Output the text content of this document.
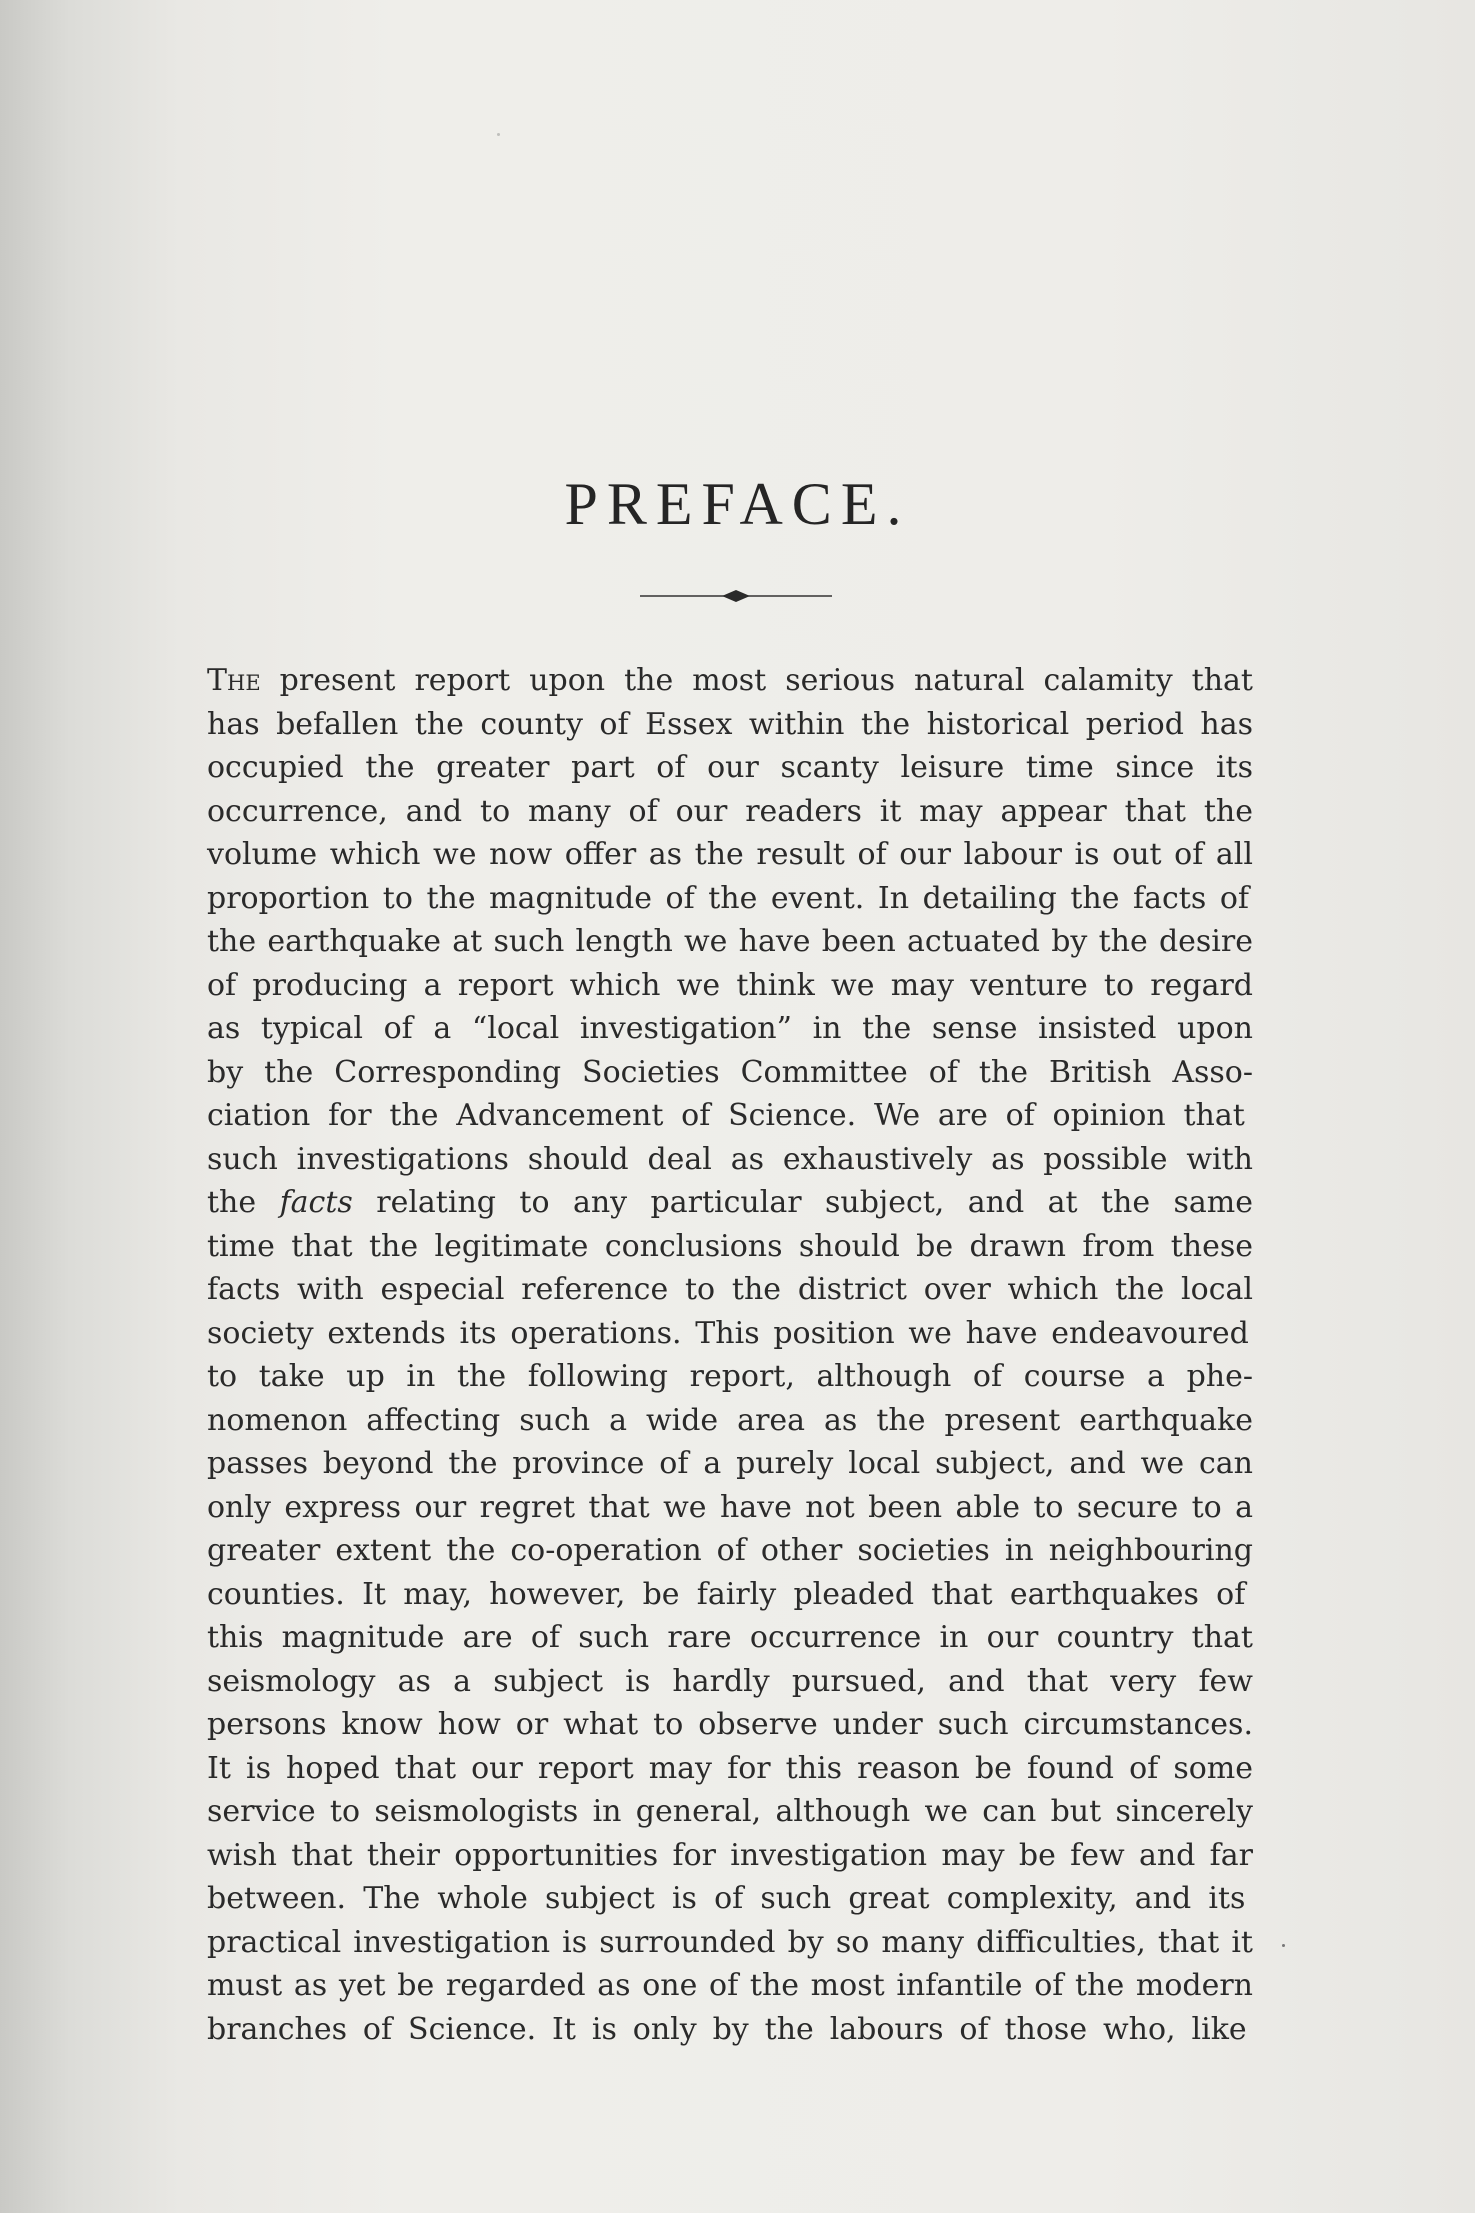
PREFACE.
The present report upon the most serious natural calamity that
has befallen the county of Essex within the historical period has
occupied the greater part of our scanty leisure time since its
occurrence, and to many of our readers it may appear that the
volume which we now offer as the result of our labour is out of all
proportion to the magnitude of the event. In detailing the facts of
the earthquake at such length we have been actuated by the desire
of producing a report which we think we may venture to regard
as typical of a “local investigation” in the sense insisted upon
by the Corresponding Societies Committee of the British Asso-
ciation for the Advancement of Science. We are of opinion that
such investigations should deal as exhaustively as possible with
the facts relating to any particular subject, and at the same
time that the legitimate conclusions should be drawn from these
facts with especial reference to the district over which the local
society extends its operations. This position we have endeavoured
to take up in the following report, although of course a phe-
nomenon affecting such a wide area as the present earthquake
passes beyond the province of a purely local subject, and we can
only express our regret that we have not been able to secure to a
greater extent the co-operation of other societies in neighbouring
counties. It may, however, be fairly pleaded that earthquakes of
this magnitude are of such rare occurrence in our country that
seismology as a subject is hardly pursued, and that very few
persons know how or what to observe under such circumstances.
It is hoped that our report may for this reason be found of some
service to seismologists in general, although we can but sincerely
wish that their opportunities for investigation may be few and far
between. The whole subject is of such great complexity, and its
practical investigation is surrounded by so many difficulties, that it
must as yet be regarded as one of the most infantile of the modern
branches of Science. It is only by the labours of those who, like
